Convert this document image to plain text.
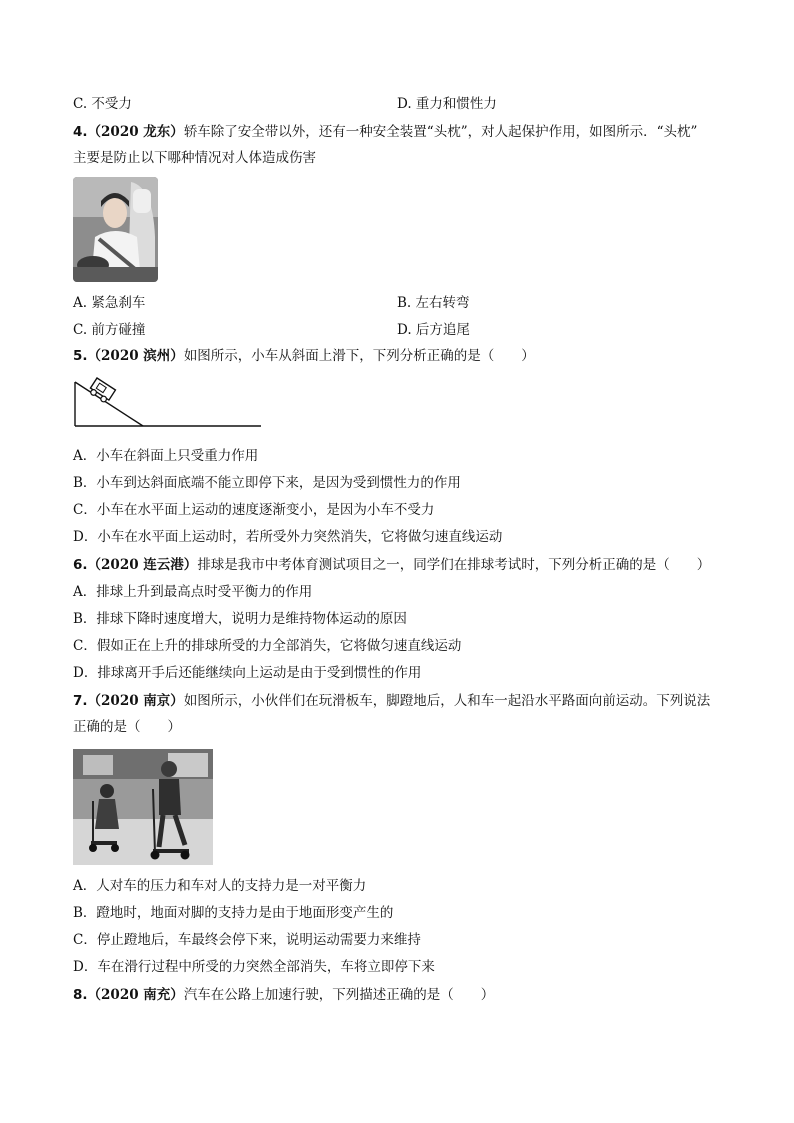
C. 不受力	D. 重力和惯性力
4.（2020 龙东）轿车除了安全带以外，还有一种安全装置“头枕”，对人起保护作用，如图所示．“头枕”
主要是防止以下哪种情况对人体造成伤害
A. 紧急刹车	B. 左右转弯
C. 前方碰撞	D. 后方追尾
5.（2020 滨州）如图所示，小车从斜面上滑下，下列分析正确的是（　　）
A．小车在斜面上只受重力作用
B．小车到达斜面底端不能立即停下来，是因为受到惯性力的作用
C．小车在水平面上运动的速度逐渐变小，是因为小车不受力
D．小车在水平面上运动时，若所受外力突然消失，它将做匀速直线运动
6.（2020 连云港）排球是我市中考体育测试项目之一，同学们在排球考试时，下列分析正确的是（　　）
A．排球上升到最高点时受平衡力的作用
B．排球下降时速度增大，说明力是维持物体运动的原因
C．假如正在上升的排球所受的力全部消失，它将做匀速直线运动
D．排球离开手后还能继续向上运动是由于受到惯性的作用
7.（2020 南京）如图所示，小伙伴们在玩滑板车，脚蹬地后，人和车一起沿水平路面向前运动。下列说法
正确的是（　　）
A．人对车的压力和车对人的支持力是一对平衡力
B．蹬地时，地面对脚的支持力是由于地面形变产生的
C．停止蹬地后，车最终会停下来，说明运动需要力来维持
D．车在滑行过程中所受的力突然全部消失，车将立即停下来
8.（2020 南充）汽车在公路上加速行驶，下列描述正确的是（　　）
